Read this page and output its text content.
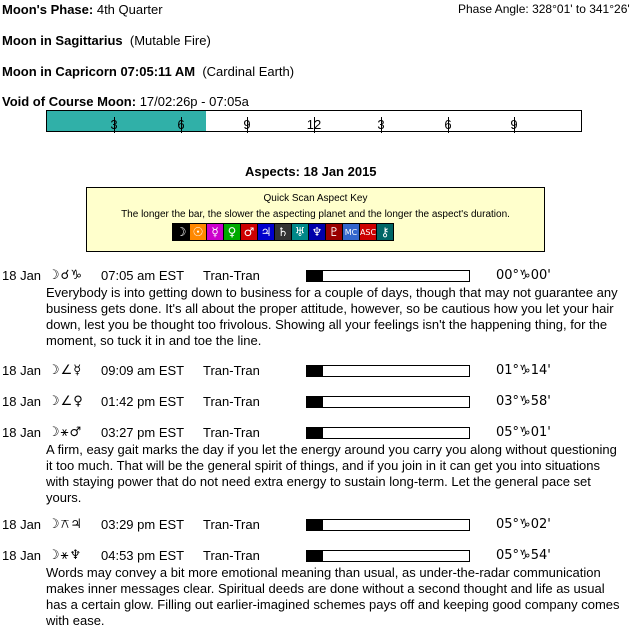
Moon's Phase: 4th Quarter	Phase Angle: 328°01' to 341°26'
Moon in Sagittarius (Mutable Fire)
Moon in Capricorn 07:05:11 AM (Cardinal Earth)
Void of Course Moon: 17/02:26p - 07:05a
3	6	9	12	3	6	9
Aspects: 18 Jan 2015
Quick Scan Aspect Key
The longer the bar, the slower the aspecting planet and the longer the aspect's duration.
☽ ☉ ☿ ♀ ♂ ♃ ♄ ♅ ♆ ♇ MC ASC ⚷
18 Jan ☽☌♑ 07:05 am EST Tran-Tran	00°♑00'
Everybody is into getting down to business for a couple of days, though that may not guarantee any business gets done. It's all about the proper attitude, however, so be cautious how you let your hair down, lest you be thought too frivolous. Showing all your feelings isn't the happening thing, for the moment, so tuck it in and toe the line.
18 Jan ☽∠☿ 09:09 am EST Tran-Tran	01°♑14'
18 Jan ☽∠♀ 01:42 pm EST Tran-Tran	03°♑58'
18 Jan ☽⚹♂ 03:27 pm EST Tran-Tran	05°♑01'
A firm, easy gait marks the day if you let the energy around you carry you along without questioning it too much. That will be the general spirit of things, and if you join in it can get you into situations with staying power that do not need extra energy to sustain long-term. Let the general pace set yours.
18 Jan ☽⚻♃ 03:29 pm EST Tran-Tran	05°♑02'
18 Jan ☽⚹♆ 04:53 pm EST Tran-Tran	05°♑54'
Words may convey a bit more emotional meaning than usual, as under-the-radar communication makes inner messages clear. Spiritual deeds are done without a second thought and life as usual has a certain glow. Filling out earlier-imagined schemes pays off and keeping good company comes with ease.
